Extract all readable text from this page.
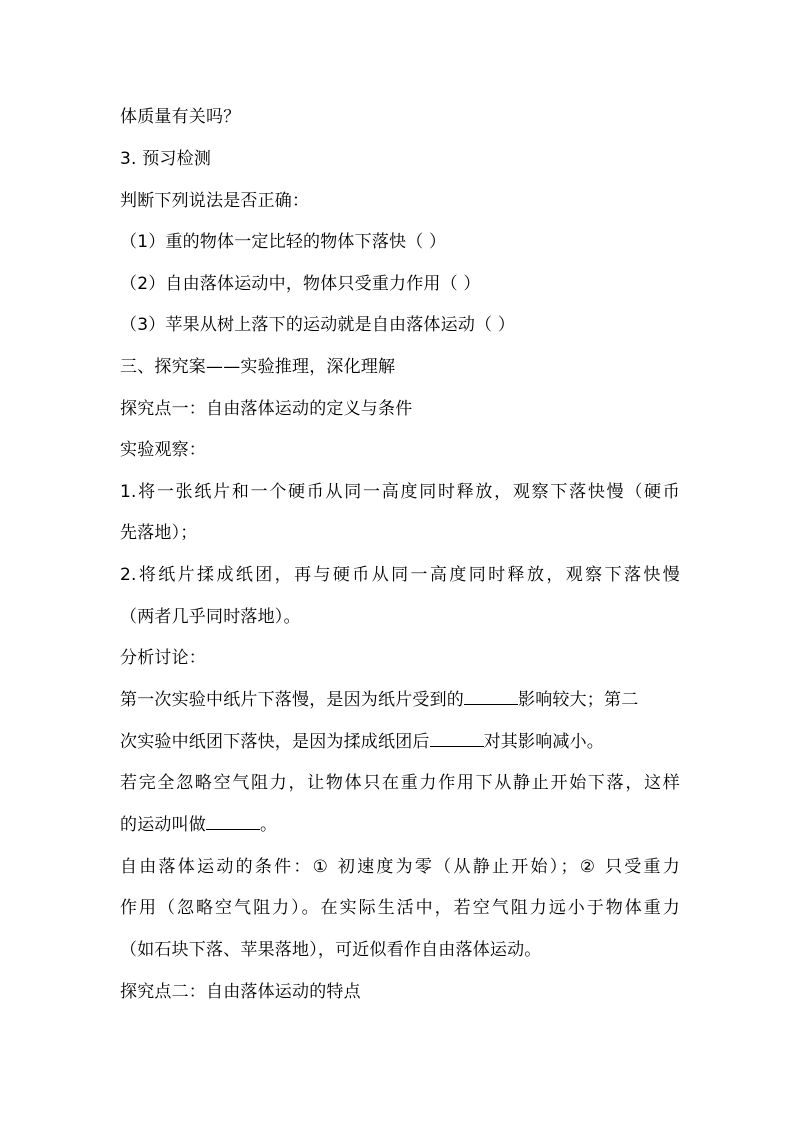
体质量有关吗？
3. 预习检测
判断下列说法是否正确：
（1）重的物体一定比轻的物体下落快（ ）
（2）自由落体运动中，物体只受重力作用（ ）
（3）苹果从树上落下的运动就是自由落体运动（ ）
三、探究案——实验推理，深化理解
探究点一：自由落体运动的定义与条件
实验观察：
1.将一张纸片和一个硬币从同一高度同时释放，观察下落快慢（硬币
先落地）；
2.将纸片揉成纸团，再与硬币从同一高度同时释放，观察下落快慢
（两者几乎同时落地）。
分析讨论：
第一次实验中纸片下落慢，是因为纸片受到的	影响较大；第二
次实验中纸团下落快，是因为揉成纸团后	对其影响减小。
若完全忽略空气阻力，让物体只在重力作用下从静止开始下落，这样
的运动叫做	。
自由落体运动的条件：① 初速度为零（从静止开始）；② 只受重力
作用（忽略空气阻力）。在实际生活中，若空气阻力远小于物体重力
（如石块下落、苹果落地），可近似看作自由落体运动。
探究点二：自由落体运动的特点
